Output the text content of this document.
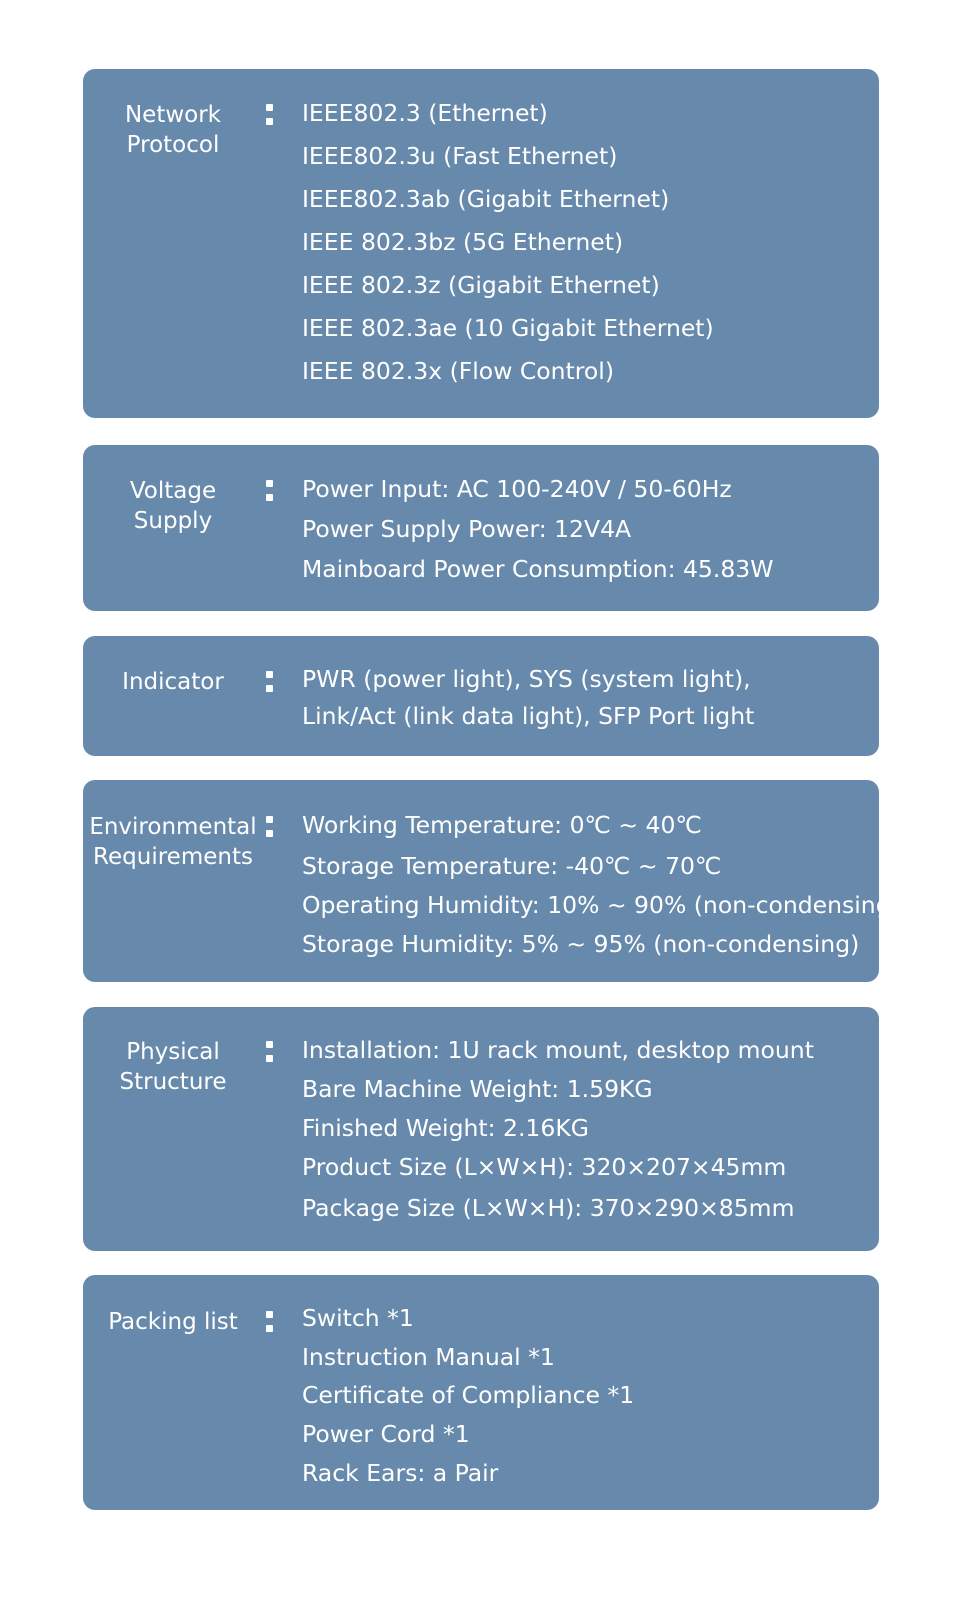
Network
Protocol
IEEE802.3 (Ethernet)
IEEE802.3u (Fast Ethernet)
IEEE802.3ab (Gigabit Ethernet)
IEEE 802.3bz (5G Ethernet)
IEEE 802.3z (Gigabit Ethernet)
IEEE 802.3ae (10 Gigabit Ethernet)
IEEE 802.3x (Flow Control)
Voltage
Supply
Power Input: AC 100-240V / 50-60Hz
Power Supply Power: 12V4A
Mainboard Power Consumption: 45.83W
Indicator	PWR (power light), SYS (system light),
Link/Act (link data light), SFP Port light
Environmental
Requirements
Working Temperature: 0℃ ~ 40℃
Storage Temperature: -40℃ ~ 70℃
Operating Humidity: 10% ~ 90% (non-condensing)
Storage Humidity: 5% ~ 95% (non-condensing)
Physical
Structure
Installation: 1U rack mount, desktop mount
Bare Machine Weight: 1.59KG
Finished Weight: 2.16KG
Product Size (L×W×H): 320×207×45mm
Package Size (L×W×H): 370×290×85mm
Packing list	Switch *1
Instruction Manual *1
Certificate of Compliance *1
Power Cord *1
Rack Ears: a Pair
